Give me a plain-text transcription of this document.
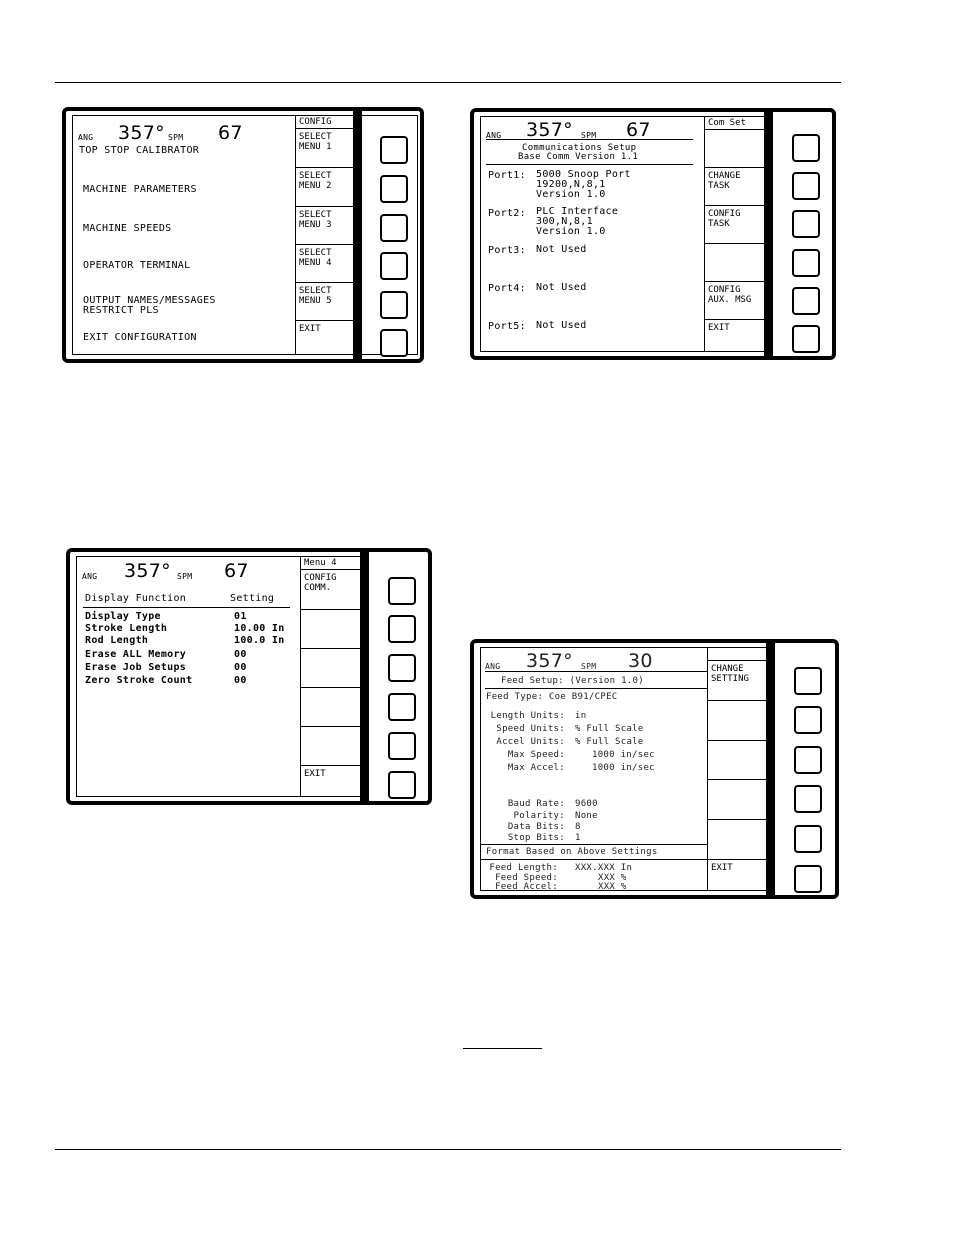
ANG 357° SPM 67
TOP STOP CALIBRATOR
MACHINE PARAMETERS
MACHINE SPEEDS
OPERATOR TERMINAL
OUTPUT NAMES/MESSAGES
RESTRICT PLS
EXIT CONFIGURATION
CONFIG
SELECT
MENU 1
SELECT
MENU 2
SELECT
MENU 3
SELECT
MENU 4
SELECT
MENU 5
EXIT
ANG 357° SPM 67
Communications Setup
Base Comm Version 1.1
Port1: 5000 Snoop Port
19200,N,8,1
Version 1.0
Port2: PLC Interface
300,N,8,1
Version 1.0
Port3: Not Used
Port4: Not Used
Port5: Not Used
Com Set
CHANGE
TASK
CONFIG
TASK
CONFIG
AUX. MSG
EXIT
ANG 357° SPM 67
Display Function	Setting
Display Type	01
Stroke Length	10.00 In
Rod Length	100.0 In
Erase ALL Memory	00
Erase Job Setups	00
Zero Stroke Count	00
Menu 4
CONFIG
COMM.
EXIT
ANG 357° SPM 30
Feed Setup: (Version 1.0)
Feed Type: Coe B91/CPEC
Length Units: in
Speed Units: % Full Scale
Accel Units: % Full Scale
Max Speed:	1000 in/sec
Max Accel:	1000 in/sec
Baud Rate: 9600
Polarity: None
Data Bits: 8
Stop Bits: 1
Format Based on Above Settings
Feed Length: XXX.XXX In
Feed Speed:	XXX %
Feed Accel:	XXX %
CHANGE
SETTING
EXIT
